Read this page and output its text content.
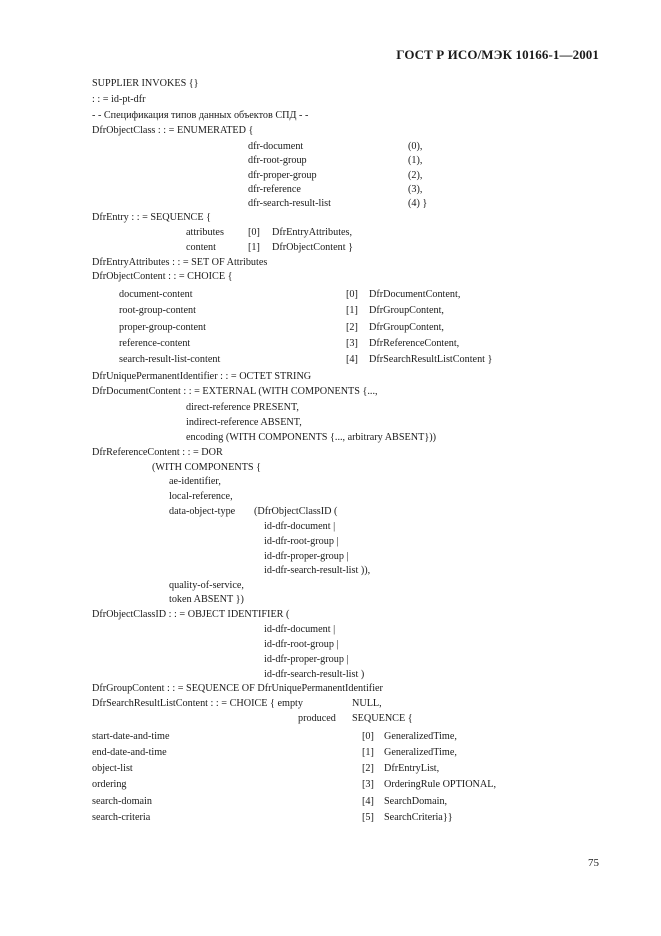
ГОСТ Р ИСО/МЭК 10166-1—2001
SUPPLIER INVOKES {}
: : = id-pt-dfr
- - Спецификация типов данных объектов СПД - -
DfrObjectClass : : = ENUMERATED {
dfr-document	(0),
dfr-root-group	(1),
dfr-proper-group	(2),
dfr-reference	(3),
dfr-search-result-list	(4) }
DfrEntry : : = SEQUENCE {
attributes [0] DfrEntryAttributes,
content	[1] DfrObjectContent }
DfrEntryAttributes : : = SET OF Attributes
DfrObjectContent : : = CHOICE {
document-content	[0] DfrDocumentContent,
root-group-content	[1] DfrGroupContent,
proper-group-content	[2] DfrGroupContent,
reference-content	[3] DfrReferenceContent,
search-result-list-content	[4] DfrSearchResultListContent }
DfrUniquePermanentIdentifier : : = OCTET STRING
DfrDocumentContent : : = EXTERNAL (WITH COMPONENTS {...,
direct-reference PRESENT,
indirect-reference ABSENT,
encoding (WITH COMPONENTS {..., arbitrary ABSENT}))
DfrReferenceContent : : = DOR
(WITH COMPONENTS {
ae-identifier,
local-reference,
data-object-type (DfrObjectClassID (
id-dfr-document |
id-dfr-root-group |
id-dfr-proper-group |
id-dfr-search-result-list )),
quality-of-service,
token ABSENT })
DfrObjectClassID : : = OBJECT IDENTIFIER (
id-dfr-document |
id-dfr-root-group |
id-dfr-proper-group |
id-dfr-search-result-list )
DfrGroupContent : : = SEQUENCE OF DfrUniquePermanentIdentifier
DfrSearchResultListContent : : = CHOICE { empty	NULL,
produced SEQUENCE {
start-date-and-time	[0] GeneralizedTime,
end-date-and-time	[1] GeneralizedTime,
object-list	[2] DfrEntryList,
ordering	[3] OrderingRule OPTIONAL,
search-domain	[4] SearchDomain,
search-criteria	[5] SearchCriteria}}
75
